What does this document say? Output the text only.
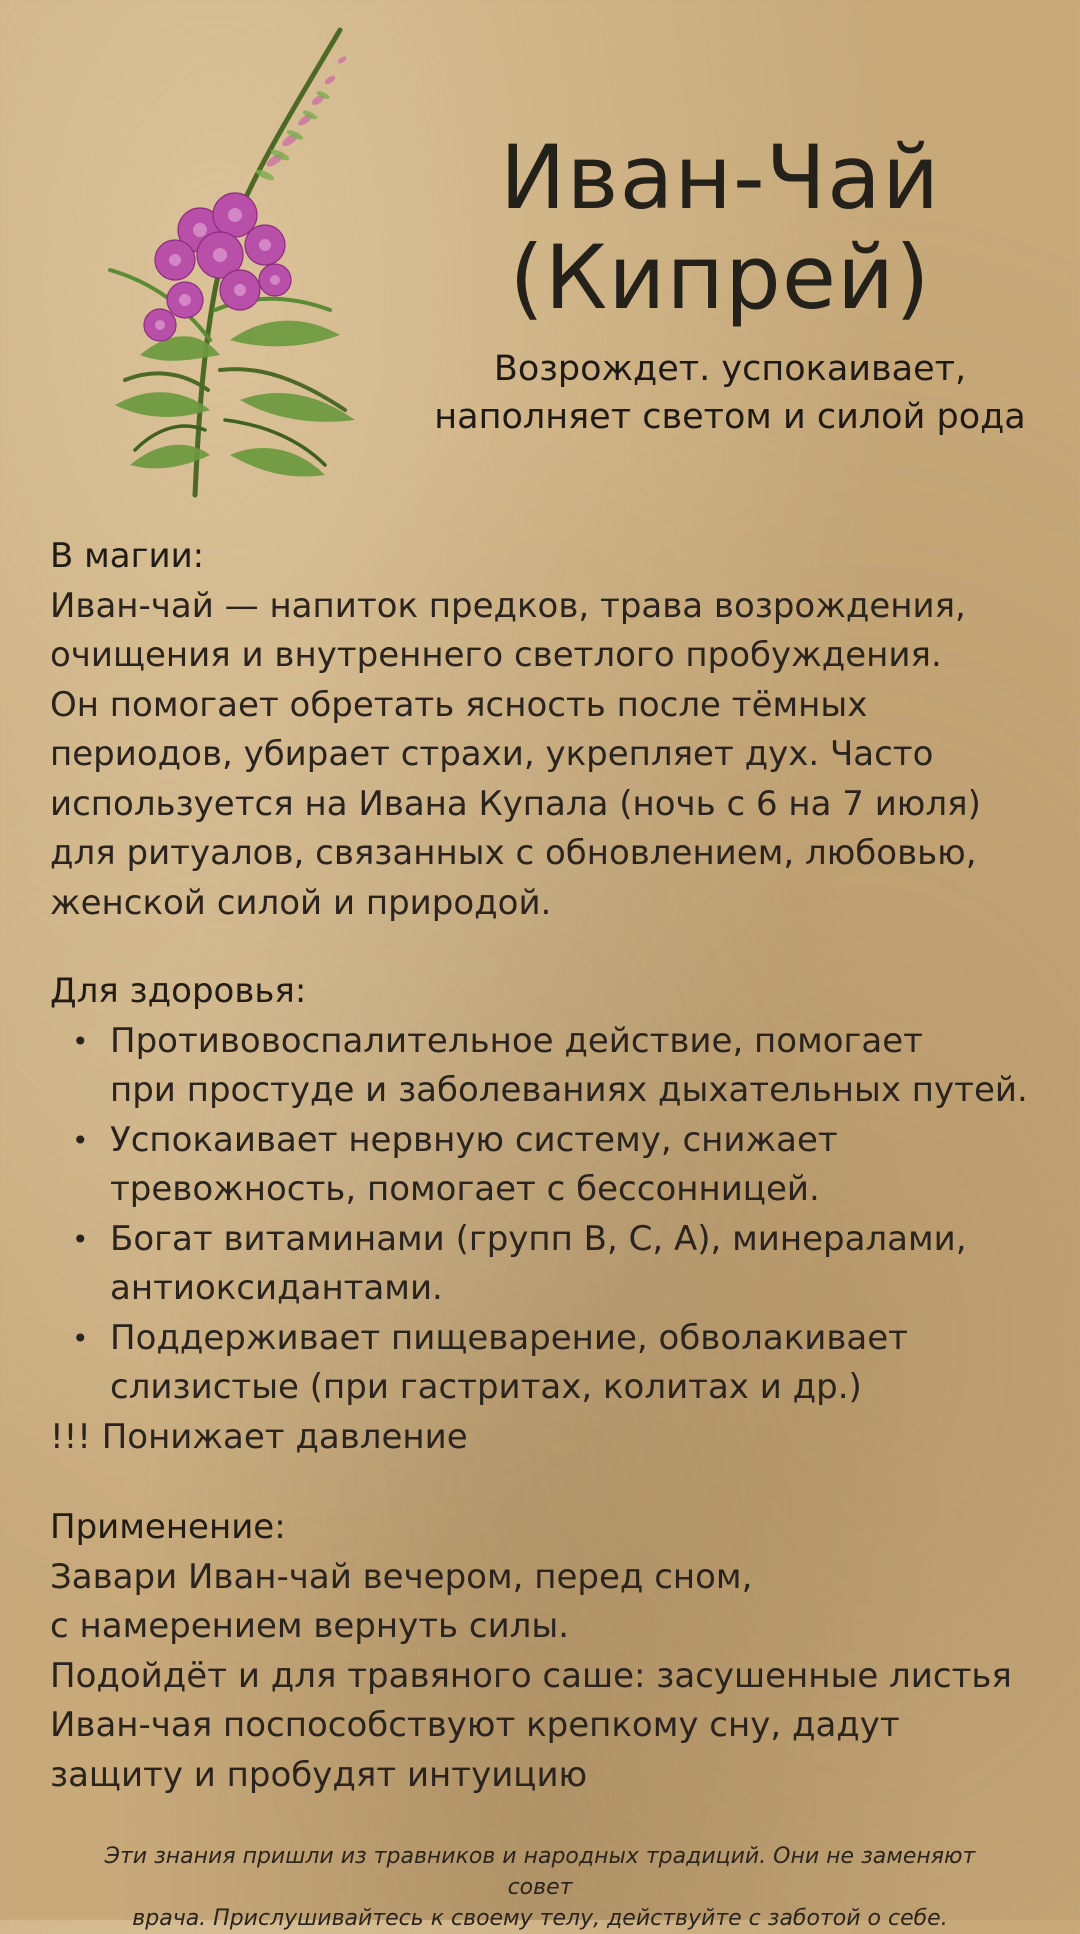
Иван-Чай
(Кипрей)

Возрождет. успокаивает,
наполняет светом и силой рода

В магии:
Иван-чай — напиток предков, трава возрождения,
очищения и внутреннего светлого пробуждения.
Он помогает обретать ясность после тёмных
периодов, убирает страхи, укрепляет дух. Часто
используется на Ивана Купала (ночь с 6 на 7 июля)
для ритуалов, связанных с обновлением, любовью,
женской силой и природой.
Для здоровья:
• Противовоспалительное действие, помогает
при простуде и заболеваниях дыхательных путей.
• Успокаивает нервную систему, снижает
тревожность, помогает с бессонницей.
• Богат витаминами (групп В, С, А), минералами,
антиоксидантами.
• Поддерживает пищеварение, обволакивает
слизистые (при гастритах, колитах и др.)
!!! Понижает давление
Применение:
Завари Иван-чай вечером, перед сном,
с намерением вернуть силы.
Подойдёт и для травяного саше: засушенные листья
Иван-чая поспособствуют крепкому сну, дадут
защиту и пробудят интуицию
Эти знания пришли из травников и народных традиций. Они не заменяют совет
врача. Прислушивайтесь к своему телу, действуйте с заботой о себе.
